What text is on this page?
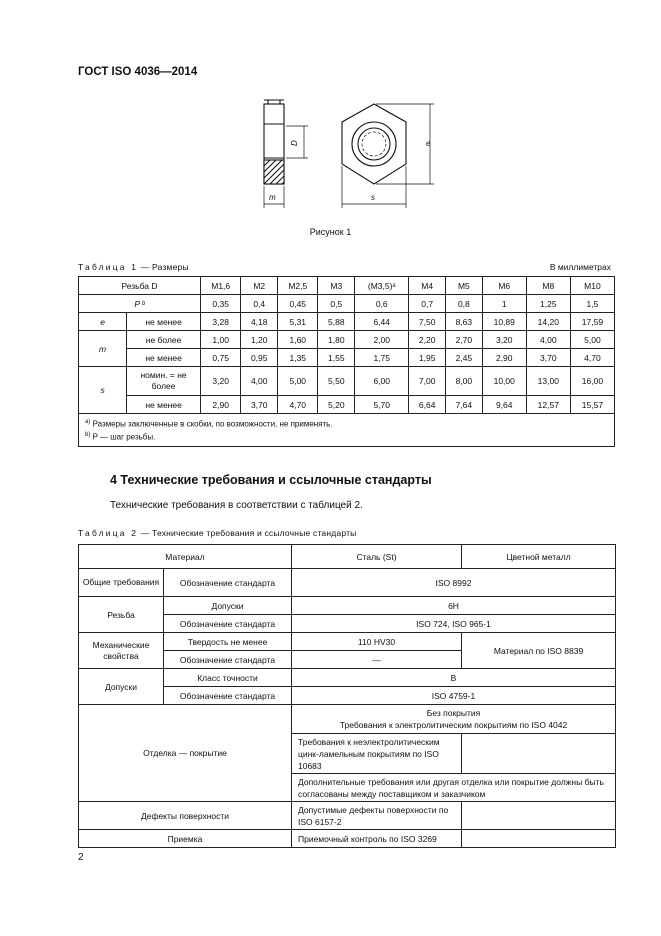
ГОСТ ISO 4036—2014
D
m
e
s
Рисунок 1
Таблица 1 — Размеры	В миллиметрах
Резьба D		M1,6	M2	M2,5	M3	(M3,5)ᵃ	M4	M5	M6	M8	M10
P ᵇ		0,35	0,4	0,45	0,5	0,6	0,7	0,8	1	1,25	1,5
e	не менее	3,28	4,18	5,31	5,88	6,44	7,50	8,63	10,89	14,20	17,59
m	не более	1,00	1,20	1,60	1,80	2,00	2,20	2,70	3,20	4,00	5,00
	не менее	0,75	0,95	1,35	1,55	1,75	1,95	2,45	2,90	3,70	4,70
s	номин. = не более	3,20	4,00	5,00	5,50	6,00	7,00	8,00	10,00	13,00	16,00
	не менее	2,90	3,70	4,70	5,20	5,70	6,64	7,64	9,64	12,57	15,57

$^{a)}$ Размеры заключенные в скобки, по возможности, не применять.
$^{b)}$ P — шаг резьбы.											
4 Технические требования и ссылочные стандарты
Технические требования в соответствии с таблицей 2.
Таблица 2 — Технические требования и ссылочные стандарты
Материал		Сталь (St)	Цветной металл
Общие требования	Обозначение стандарта	ISO 8992	
Резьба	Допуски	6H	
	Обозначение стандарта	ISO 724, ISO 965-1	
Механические свойства	Твердость не менее	110 HV30	Материал по ISO 8839
	Обозначение стандарта	—	
Допуски	Класс точности	B	
	Обозначение стандарта	ISO 4759-1	
Отделка — покрытие		Без покрытия
Требования к электролитическим покрытиям по ISO 4042	

		Требования к неэлектролитическим цинк-ламельным покрытиям по ISO 10683	
		Дополнительные требования или другая отделка или покрытие должны быть согласованы между поставщиком и заказчиком	
Дефекты поверхности		Допустимые дефекты поверхности по ISO 6157-2	
Приемка		Приемочный контроль по ISO 3269	
2
